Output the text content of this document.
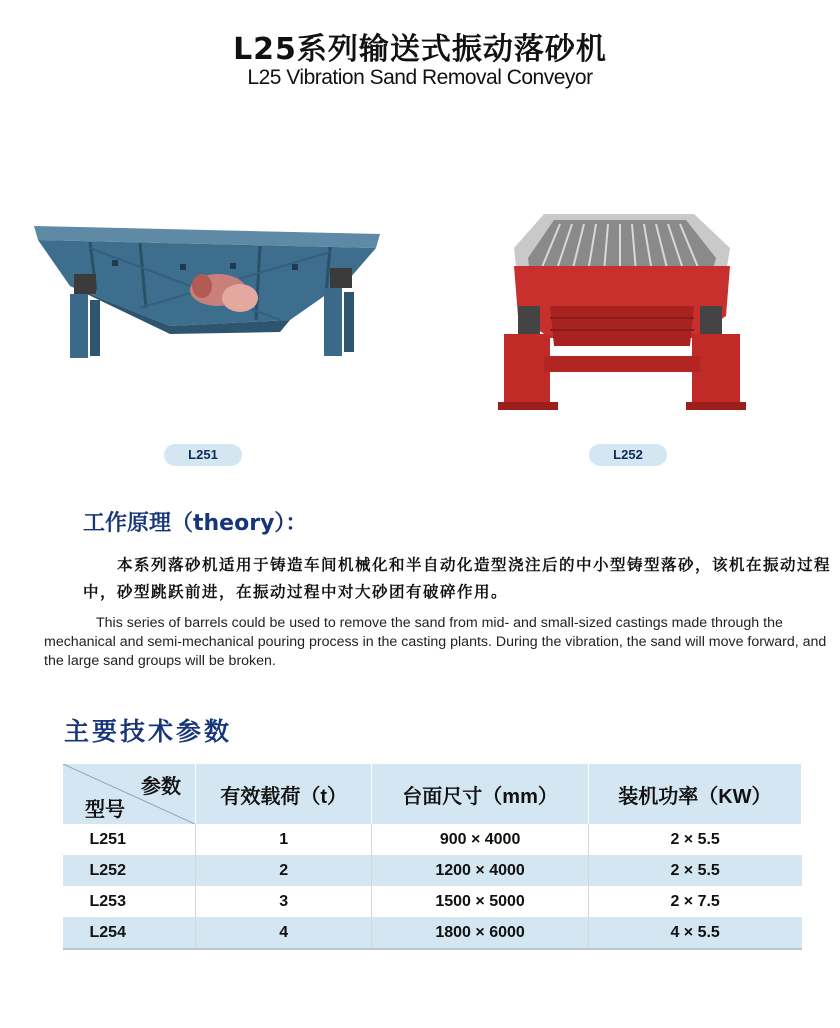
L25系列输送式振动落砂机
L25 Vibration Sand Removal Conveyor
L251	L252
工作原理（theory）：
本系列落砂机适用于铸造车间机械化和半自动化造型浇注后的中小型铸型落砂，该机在振动过程中，砂型跳跃前进，在振动过程中对大砂团有破碎作用。
This series of barrels could be used to remove the sand from mid- and small-sized castings made through the mechanical and semi-mechanical pouring process in the casting plants. During the vibration, the sand will move forward, and the large sand groups will be broken.
主要技术参数
参数
型号	有效载荷（t）	台面尺寸（mm）	装机功率（KW）
L251	1	900 × 4000	2 × 5.5
L252	2	1200 × 4000	2 × 5.5
L253	3	1500 × 5000	2 × 7.5
L254	4	1800 × 6000	4 × 5.5
